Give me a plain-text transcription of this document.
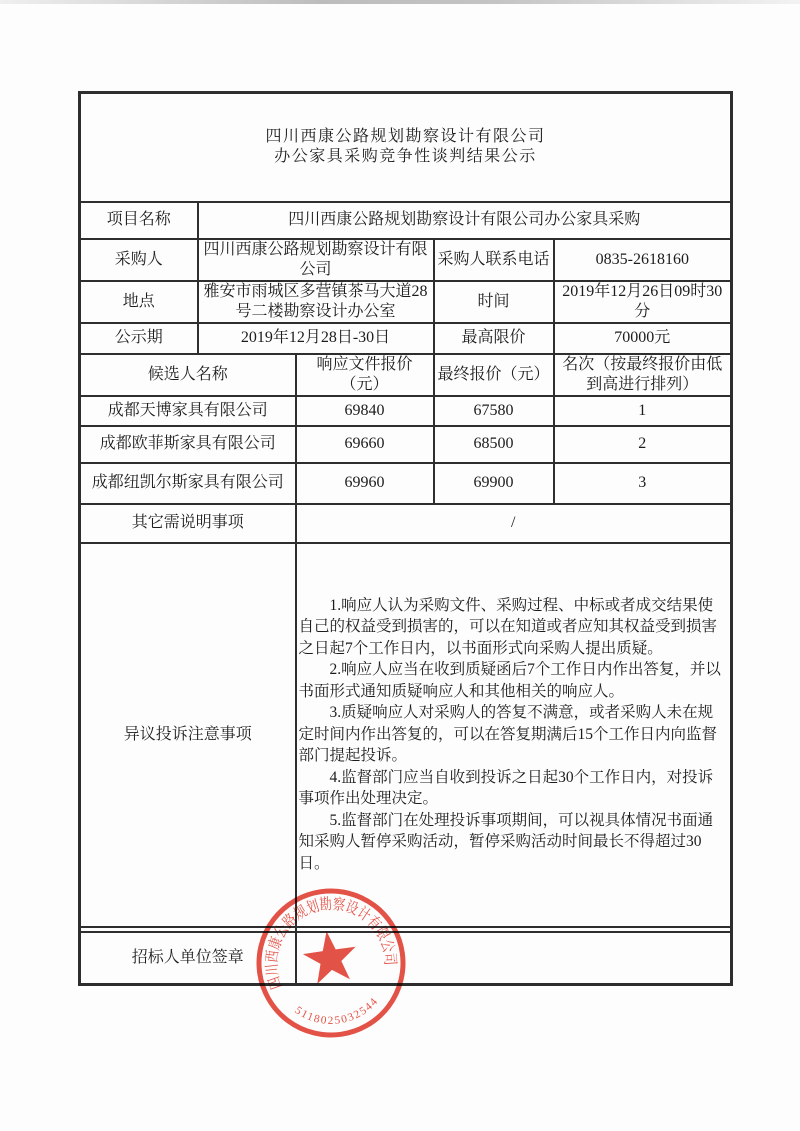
四川西康公路规划勘察设计有限公司
办公家具采购竞争性谈判结果公示				

项目名称	四川西康公路规划勘察设计有限公司办公家具采购			
采购人	四川西康公路规划勘察设计有限公司		采购人联系电话	0835-2618160
地点	雅安市雨城区多营镇茶马大道28号二楼勘察设计办公室		时间	2019年12月26日09时30分
公示期	2019年12月28日-30日		最高限价	70000元
候选人名称		响应文件报价（元）	最终报价（元）	名次（按最终报价由低到高进行排列）
成都天博家具有限公司		69840	67580	1
成都欧菲斯家具有限公司		69660	68500	2
成都纽凯尔斯家具有限公司		69960	69900	3
其它需说明事项		/		
异议投诉注意事项		1.响应人认为采购文件、采购过程、中标或者成交结果使自己的权益受到损害的，可以在知道或者应知其权益受到损害之日起7个工作日内，以书面形式向采购人提出质疑。

2.响应人应当在收到质疑函后7个工作日内作出答复，并以书面形式通知质疑响应人和其他相关的响应人。

3.质疑响应人对采购人的答复不满意，或者采购人未在规定时间内作出答复的，可以在答复期满后15个工作日内向监督部门提起投诉。

4.监督部门应当自收到投诉之日起30个工作日内，对投诉事项作出处理决定。

5.监督部门在处理投诉事项期间，可以视具体情况书面通知采购人暂停采购活动，暂停采购活动时间最长不得超过30日。		

招标人单位签章				
四川西康公路规划勘察设计有限公司
5118025032544
